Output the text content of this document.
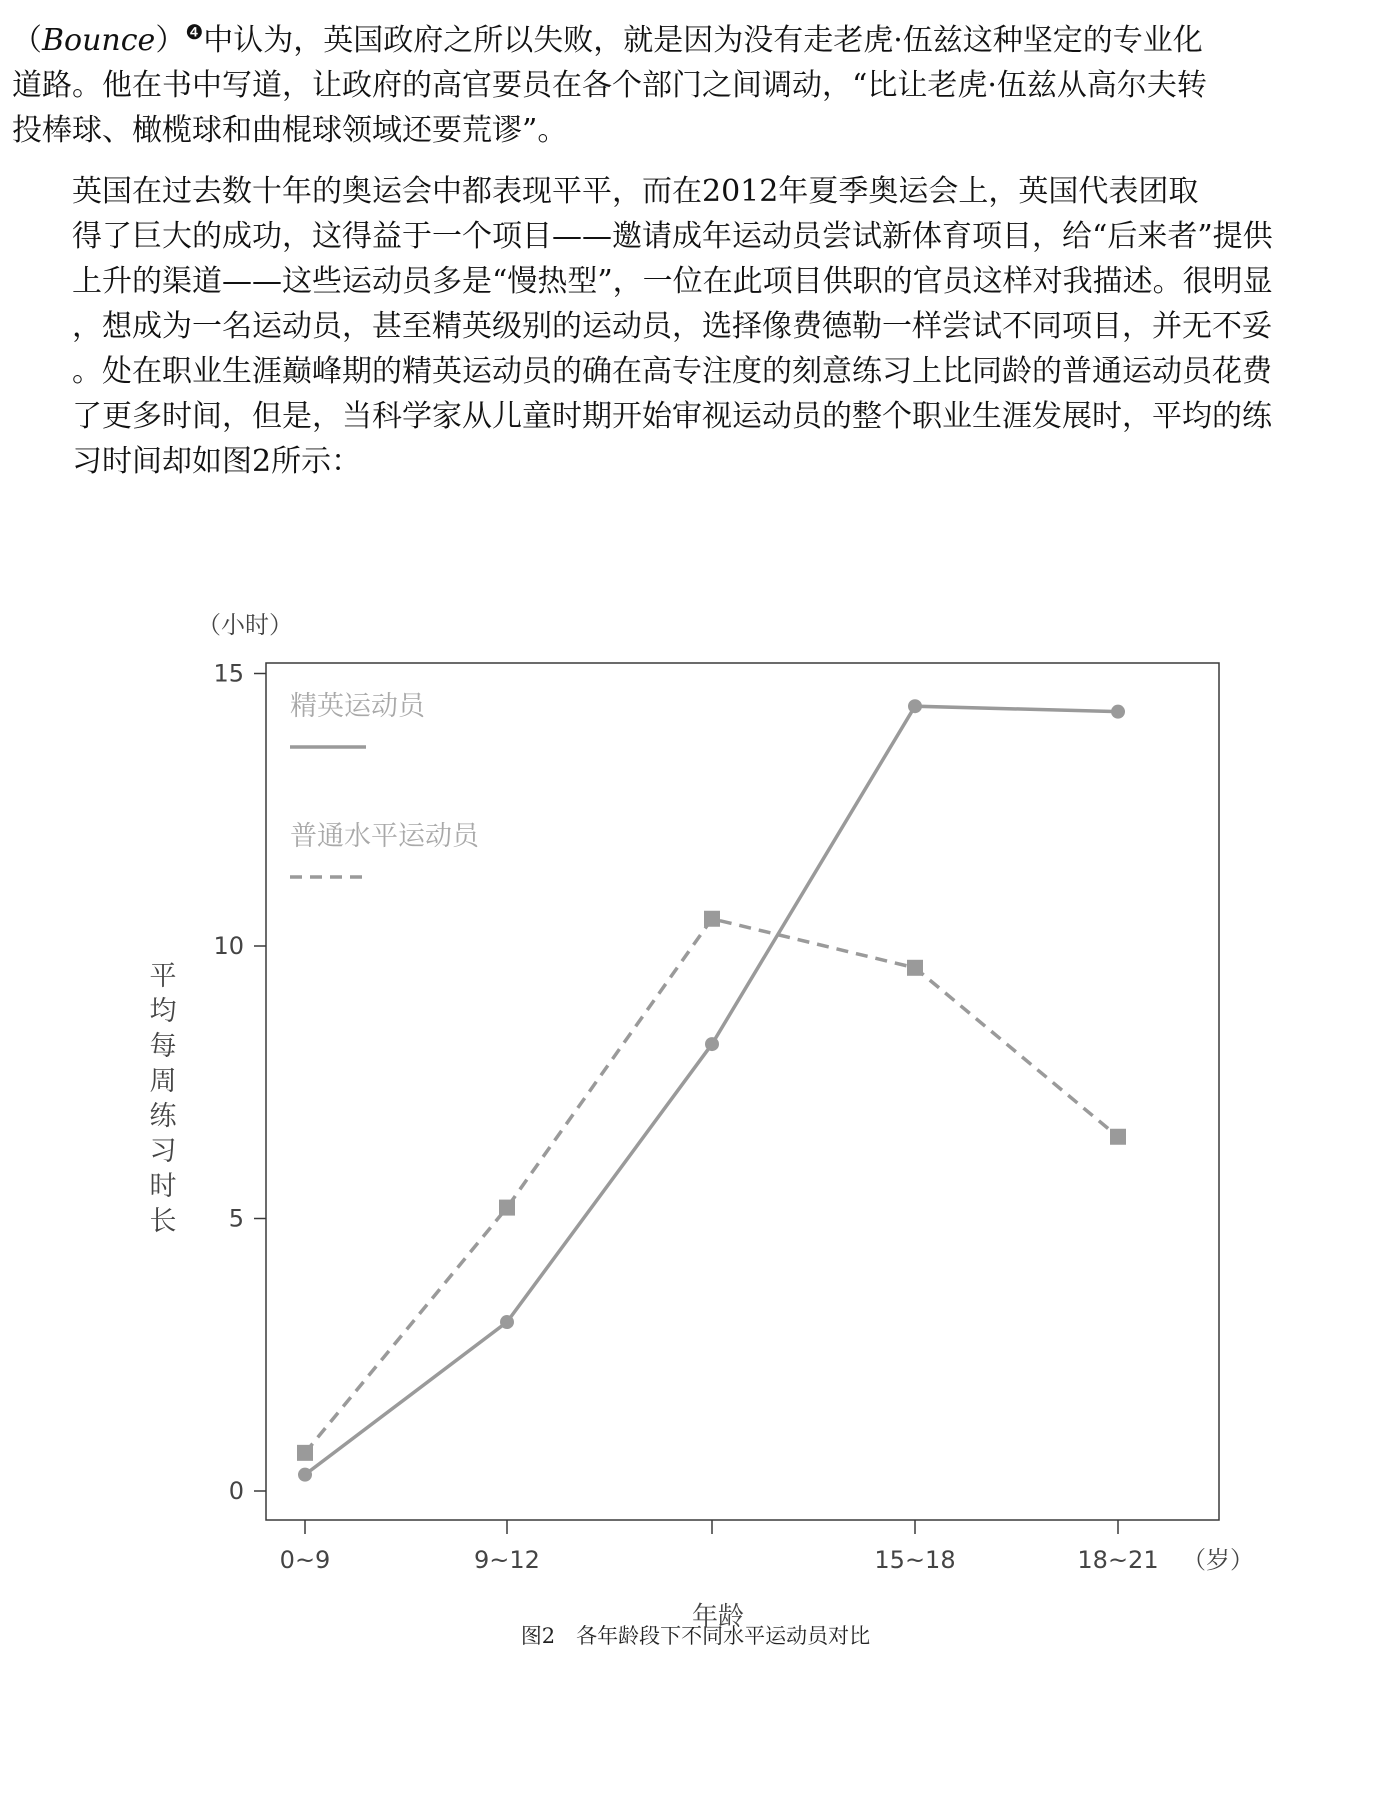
（Bounce）$^❹$中认为，英国政府之所以失败，就是因为没有走老虎·伍兹这种坚定的专业化
道路。他在书中写道，让政府的高官要员在各个部门之间调动，“比让老虎·伍兹从高尔夫转
投棒球、橄榄球和曲棍球领域还要荒谬”。

英国在过去数十年的奥运会中都表现平平，而在2012年夏季奥运会上，英国代表团取
得了巨大的成功，这得益于一个项目——邀请成年运动员尝试新体育项目，给“后来者”提供
上升的渠道——这些运动员多是“慢热型”，一位在此项目供职的官员这样对我描述。很明显
，想成为一名运动员，甚至精英级别的运动员，选择像费德勒一样尝试不同项目，并无不妥
。处在职业生涯巅峰期的精英运动员的确在高专注度的刻意练习上比同龄的普通运动员花费
了更多时间，但是，当科学家从儿童时期开始审视运动员的整个职业生涯发展时，平均的练
习时间却如图2所示：

（小时）
平
均
每
周
练
习
时
长
0
5
10
15
0~9	9~12	15~18	18~21 （岁）
年龄
精英运动员
普通水平运动员
图2　各年龄段下不同水平运动员对比
